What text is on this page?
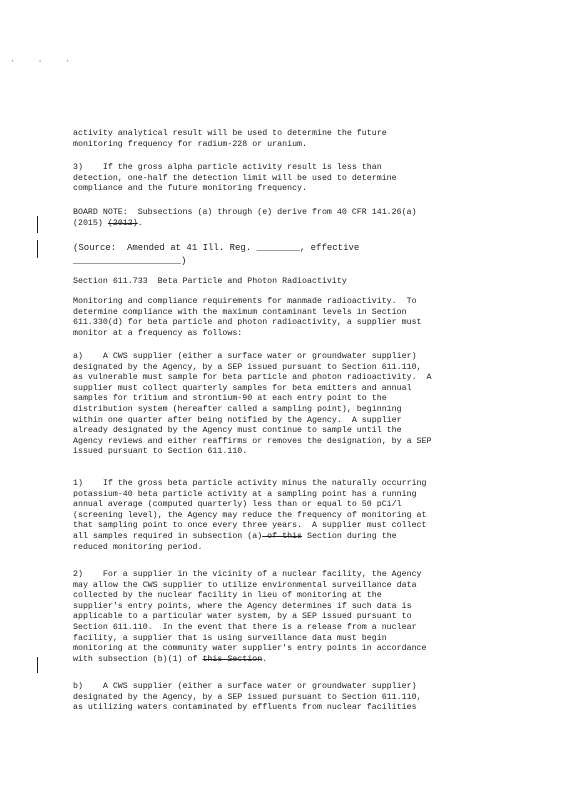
· · ·

activity analytical result will be used to determine the future
monitoring frequency for radium-228 or uranium.

3)    If the gross alpha particle activity result is less than
detection, one-half the detection limit will be used to determine
compliance and the future monitoring frequency.

BOARD NOTE:  Subsections (a) through (e) derive from 40 CFR 141.26(a)
(2015) (2012).

(Source:  Amended at 41 Ill. Reg. ________, effective
____________________)

Section 611.733  Beta Particle and Photon Radioactivity

Monitoring and compliance requirements for manmade radioactivity.  To
determine compliance with the maximum contaminant levels in Section
611.330(d) for beta particle and photon radioactivity, a supplier must
monitor at a frequency as follows:

a)    A CWS supplier (either a surface water or groundwater supplier)
designated by the Agency, by a SEP issued pursuant to Section 611.110,
as vulnerable must sample for beta particle and photon radioactivity.  A
supplier must collect quarterly samples for beta emitters and annual
samples for tritium and strontium-90 at each entry point to the
distribution system (hereafter called a sampling point), beginning
within one quarter after being notified by the Agency.  A supplier
already designated by the Agency must continue to sample until the
Agency reviews and either reaffirms or removes the designation, by a SEP
issued pursuant to Section 611.110.

1)    If the gross beta particle activity minus the naturally occurring
potassium-40 beta particle activity at a sampling point has a running
annual average (computed quarterly) less than or equal to 50 pCi/l
(screening level), the Agency may reduce the frequency of monitoring at
that sampling point to once every three years.  A supplier must collect
all samples required in subsection (a) of this Section during the
reduced monitoring period.

2)    For a supplier in the vicinity of a nuclear facility, the Agency
may allow the CWS supplier to utilize environmental surveillance data
collected by the nuclear facility in lieu of monitoring at the
supplier's entry points, where the Agency determines if such data is
applicable to a particular water system, by a SEP issued pursuant to
Section 611.110.  In the event that there is a release from a nuclear
facility, a supplier that is using surveillance data must begin
monitoring at the community water supplier's entry points in accordance
with subsection (b)(1) of this Section.

b)    A CWS supplier (either a surface water or groundwater supplier)
designated by the Agency, by a SEP issued pursuant to Section 611.110,
as utilizing waters contaminated by effluents from nuclear facilities
